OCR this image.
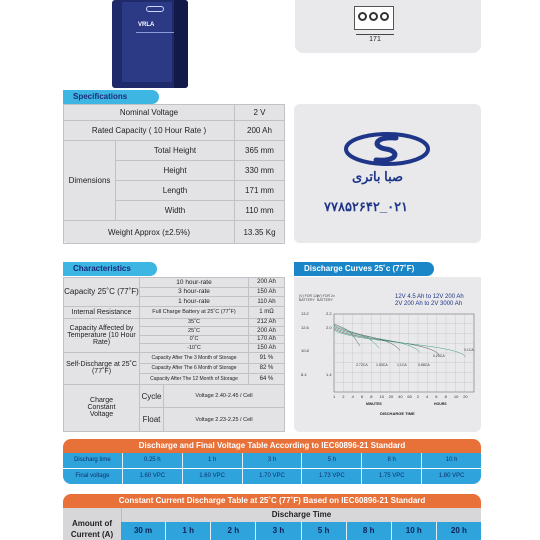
VRLA
171
Specifications
Nominal Voltage		2 V
Rated Capacity ( 10 Hour Rate )		200 Ah
Dimensions	Total Height	365 mm
	Height	330 mm
	Length	171 mm
	Width	110 mm
Weight Approx (±2.5%)		13.35 Kg
صبا باتری
۰۲۱_۷۷۸۵۲۶۴۲
Characteristics
Capacity 25˚C (77˚F)	10 hour-rate		200 Ah
	3 hour-rate		150 Ah
	1 hour-rate		110 Ah
Internal Resistance	Full Charge Battery at 25˚C (77˚F)		1 mΩ
Capacity Affected by Temperature (10 Hour Rate)	35˚C		212 Ah
	25˚C		200 Ah
	0˚C		170 Ah
	-10˚C		150 Ah
Self-Discharge at 25˚C (77˚F)	Capacity After The 3 Month of Storage		91 %
	Capacity After The 6 Month of Storage		82 %
	Capacity After The 12 Month of Storage		64 %
Charge Constant Voltage	Cycle	Voltage 2.40-2.45 / Cell	
	Float	Voltage 2.23-2.25 / Cell	
Discharge Curves 25˚c (77˚F)
12V 4.5 Ah to 12V 200 Ah
2V 200 Ah to 2V 3000 Ah
(V) FOR 12v BATTERY
(V) FOR 2v BATTERY
13.2
12.6
10.8
8.4
2.2
2.0
1.4
1 2 4 6 8 10 20 40 60 2 4 6 8 10 20
MINUTES	HOURS
DISCHARGE TIME
2.72CA 1.93CA	1.1CA	0.68CA
0.25CA
0.1CA
Discharge and Final Voltage Table According to IEC60896-21 Standard
Discharg time	0.25 h	1 h	3 h	5 h	8 h	10 h
Final voltage	1.60 VPC	1.60 VPC	1.70 VPC	1.73 VPC	1.75 VPC	1.80 VPC
Constant Current Discharge Table at 25˚C (77˚F) Based on IEC60896-21 Standard
Amount of Current (A)
Discharge Time
30 m	1 h	2 h	3 h	5 h	8 h	10 h	20 h
